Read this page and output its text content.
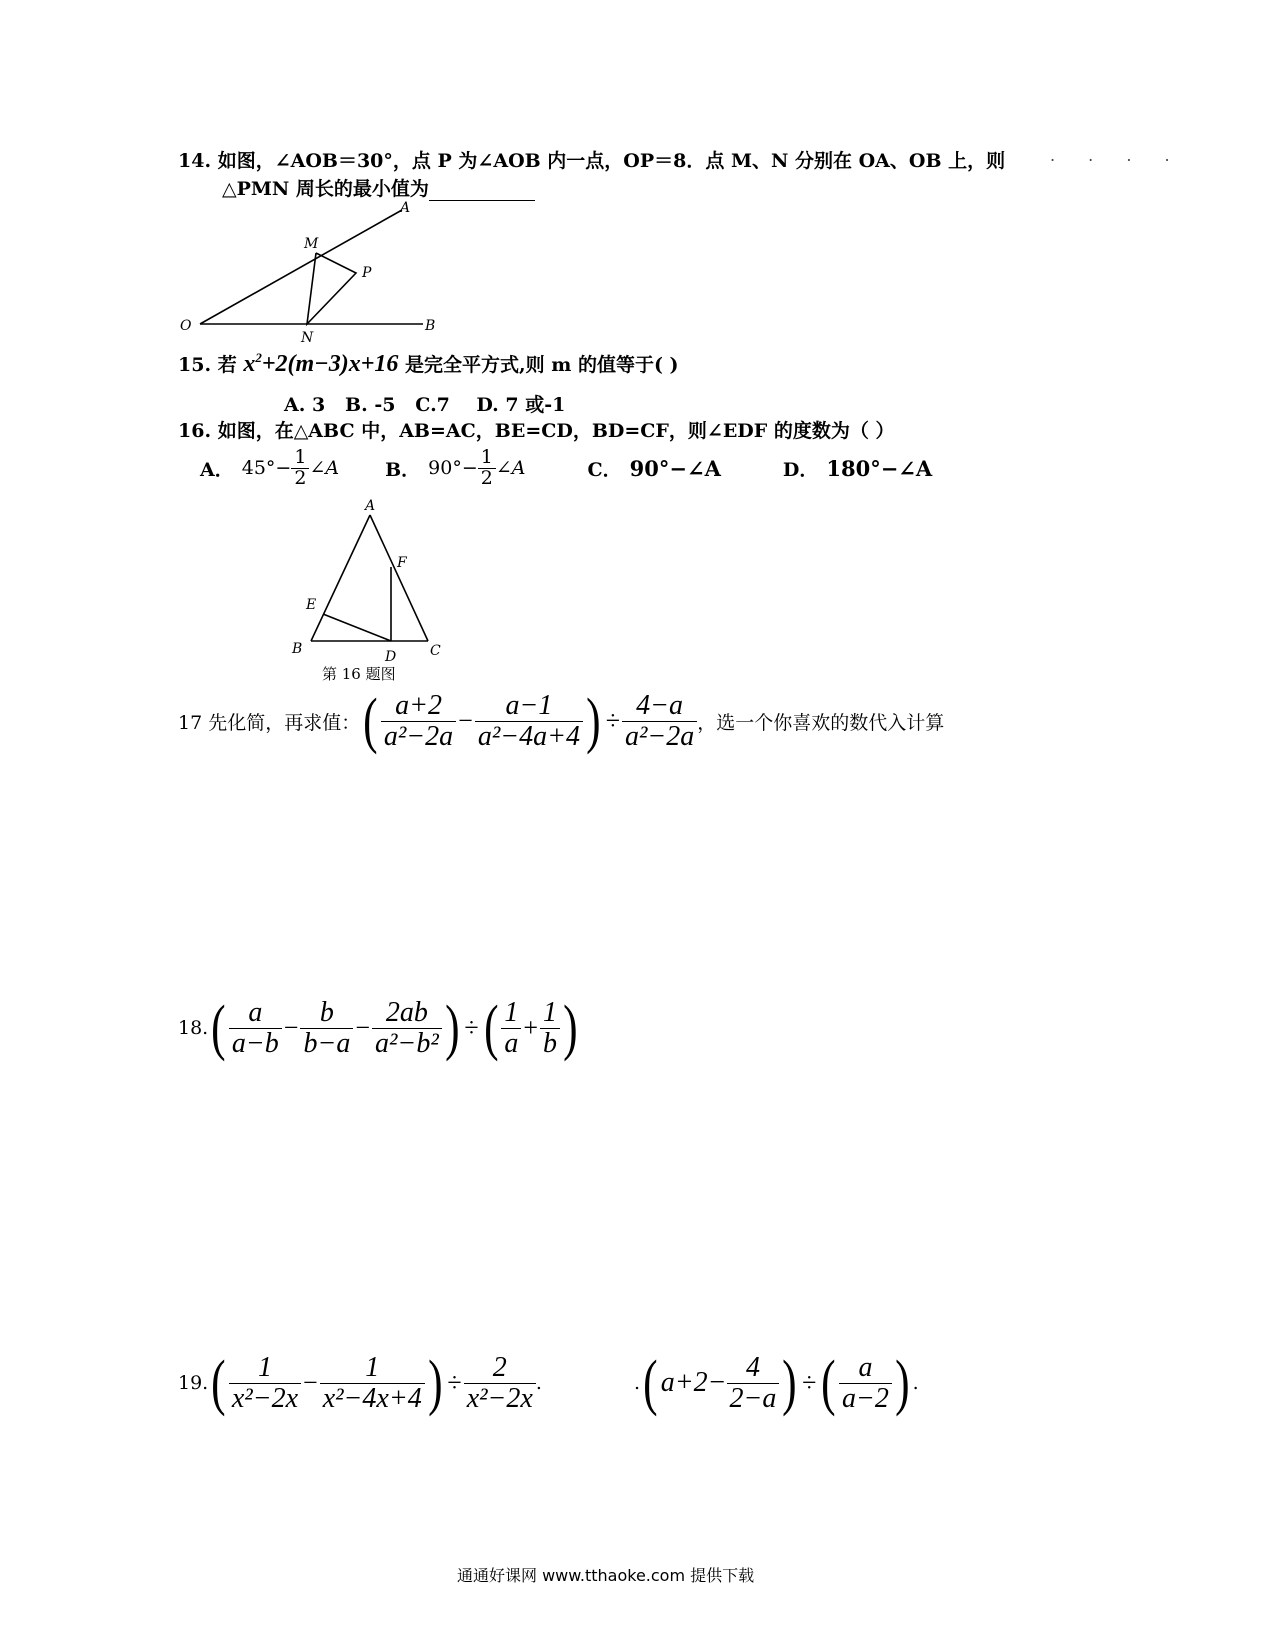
14. 如图，∠AOB＝30°，点 P 为∠AOB 内一点，OP＝8．点 M、N 分别在 OA、OB 上，则	. . . .
△PMN 周长的最小值为
A
M
P
O
N
B
15. 若 $x^2+2(m-3)x+16$ 是完全平方式,则 m 的值等于( )
A. 3   B. -5   C.7    D. 7 或-1
16. 如图，在△ABC 中，AB=AC，BE=CD，BD=CF，则∠EDF 的度数为（ ）
A． $45^\circ- \frac{1}{2}$ ∠A B． $90^\circ- \frac{1}{2}$ ∠A	C． 90°−∠A	D． 180°−∠A
A
F
E
B	D C
第 16 题图
17 先化简，再求值： ( $\frac{a+2}{\text{a²−2a}} - \frac{a-1}{\text{a²−4a+4}}$ ) ÷ $\frac{4-a}{\text{a²−2a}}$ ，选一个你喜欢的数代入计算
18. ( $\frac{a}{a-b} - \frac{b}{b-a} - \frac{2ab}{\text{a²−b²}}$ ) ÷ ( $\frac{1}{a} + \frac{1}{b}$ )
19. ( $\frac{1}{\text{x²−2x}} - \frac{1}{\text{x²−4x+4}}$ ) ÷ $\frac{2}{\text{x²−2x}}$ .	. ( $a+2- \frac{4}{2-a}$ ) ÷ ( $\frac{a}{a-2}$ ) .
通通好课网 www.tthaoke.com 提供下载
